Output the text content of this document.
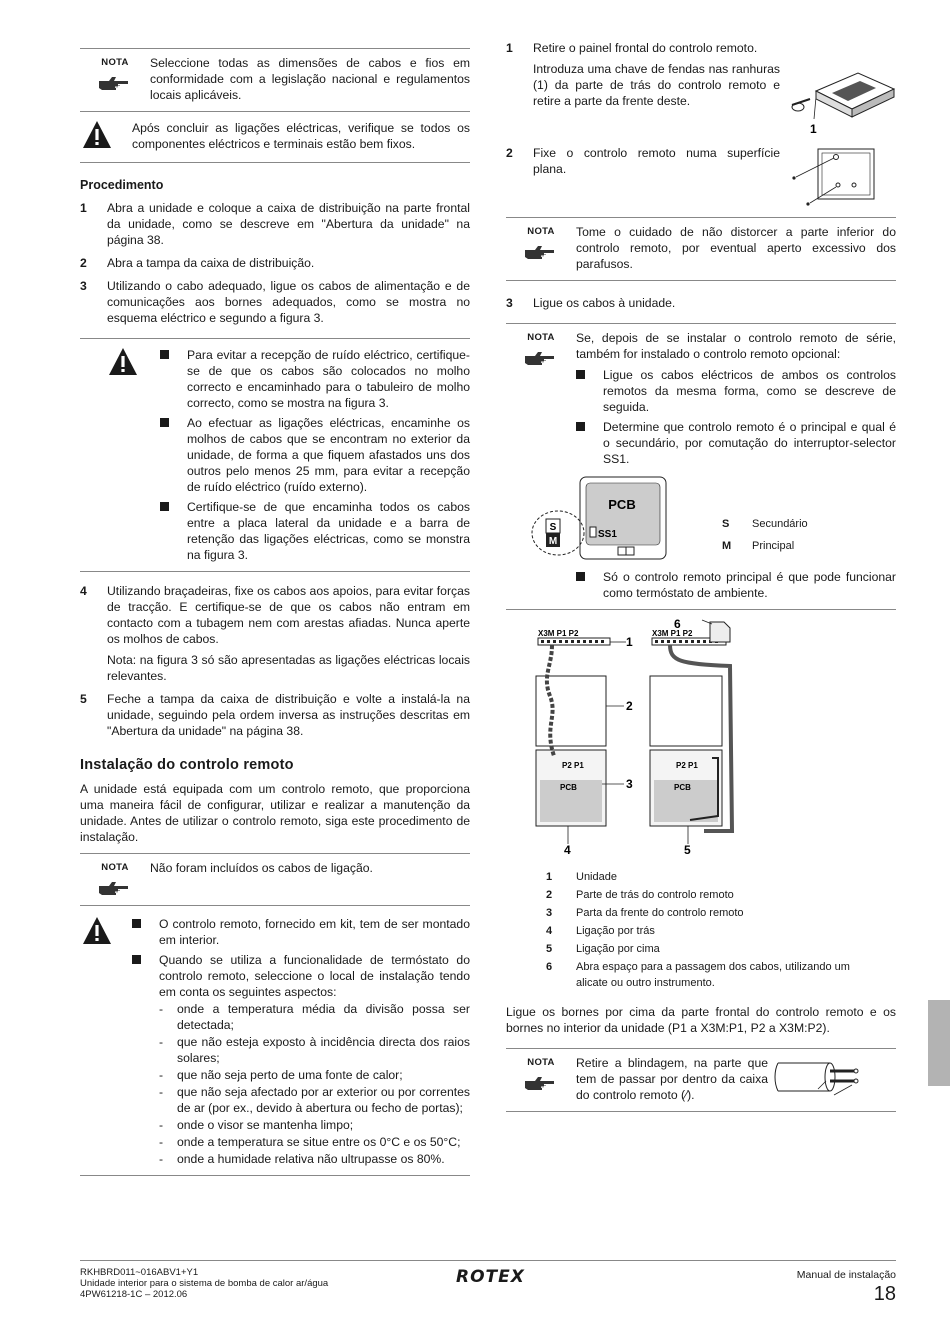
NOTA	Seleccione todas as dimensões de cabos e fios em conformidade com a legislação nacional e regulamentos locais aplicáveis.

Após concluir as ligações eléctricas, verifique se todos os componentes eléctricos e terminais estão bem fixos.

Procedimento
1	Abra a unidade e coloque a caixa de distribuição na parte frontal da unidade, como se descreve em "Abertura da unidade" na página 38.

2	Abra a tampa da caixa de distribuição.

3	Utilizando o cabo adequado, ligue os cabos de alimentação e de comunicações aos bornes adequados, como se mostra no esquema eléctrico e segundo a figura 3.

Para evitar a recepção de ruído eléctrico, certifique-se de que os cabos são colocados no molho correcto e encaminhado para o tabuleiro de molho correcto, como se mostra na figura 3.

Ao efectuar as ligações eléctricas, encaminhe os molhos de cabos que se encontram no exterior da unidade, de forma a que fiquem afastados uns dos outros pelo menos 25 mm, para evitar a recepção de ruído eléctrico (ruído externo).

Certifique-se de que encaminha todos os cabos entre a placa lateral da unidade e a barra de retenção das ligações eléctricas, como se monstra na figura 3.

4	Utilizando braçadeiras, fixe os cabos aos apoios, para evitar forças de tracção. E certifique-se de que os cabos não entram em contacto com a tubagem nem com arestas afiadas. Nunca aperte os molhos de cabos.

Nota: na figura 3 só são apresentadas as ligações eléctricas locais relevantes.

5	Feche a tampa da caixa de distribuição e volte a instalá-la na unidade, seguindo pela ordem inversa as instruções descritas em "Abertura da unidade" na página 38.

Instalação do controlo remoto

A unidade está equipada com um controlo remoto, que proporciona uma maneira fácil de configurar, utilizar e realizar a manutenção da unidade. Antes de utilizar o controlo remoto, siga este procedimento de instalação.

NOTA	Não foram incluídos os cabos de ligação.

O controlo remoto, fornecido em kit, tem de ser montado em interior.

Quando se utiliza a funcionalidade de termóstato do controlo remoto, seleccione o local de instalação tendo em conta os seguintes aspectos:

-	onde a temperatura média da divisão possa ser detectada;

-	que não esteja exposto à incidência directa dos raios solares;

-	que não seja perto de uma fonte de calor;

-	que não seja afectado por ar exterior ou por correntes de ar (por ex., devido à abertura ou fecho de portas);

-	onde o visor se mantenha limpo;

-	onde a temperatura se situe entre os 0°C e os 50°C;

-	onde a humidade relativa não ultrupasse os 80%.

1	Retire o painel frontal do controlo remoto.

Introduza uma chave de fendas nas ranhuras (1) da parte de trás do controlo remoto e retire a parte da frente deste.

1
2	Fixe o controlo remoto numa superfície plana.

NOTA	Tome o cuidado de não distorcer a parte inferior do controlo remoto, por eventual aperto excessivo dos parafusos.

3	Ligue os cabos à unidade.

NOTA	Se, depois de se instalar o controlo remoto de série, também for instalado o controlo remoto opcional:

Ligue os cabos eléctricos de ambos os controlos remotos da mesma forma, como se descreve de seguida.

Determine que controlo remoto é o principal e qual é o secundário, por comutação do interruptor-selector SS1.

PCB
SS1
S
M
S	Secundário
M	Principal

Só o controlo remoto principal é que pode funcionar como termóstato de ambiente.

X3M P1 P2	X3M P1 P2
P2 P1	P2 P1
PCB	PCB
6
1
2
3
4	5
1	Unidade
2	Parte de trás do controlo remoto
3	Parta da frente do controlo remoto
4	Ligação por trás
5	Ligação por cima
6	Abra espaço para a passagem dos cabos, utilizando um alicate ou outro instrumento.

Ligue os bornes por cima da parte frontal do controlo remoto e os bornes no interior da unidade (P1 a X3M:P1, P2 a X3M:P2).

NOTA	Retire a blindagem, na parte que tem de passar por dentro da caixa do controlo remoto (∕).

RKHBRD011~016ABV1+Y1
Unidade interior para o sistema de bomba de calor ar/água
4PW61218-1C – 2012.06
ROTEX	Manual de instalação
18
